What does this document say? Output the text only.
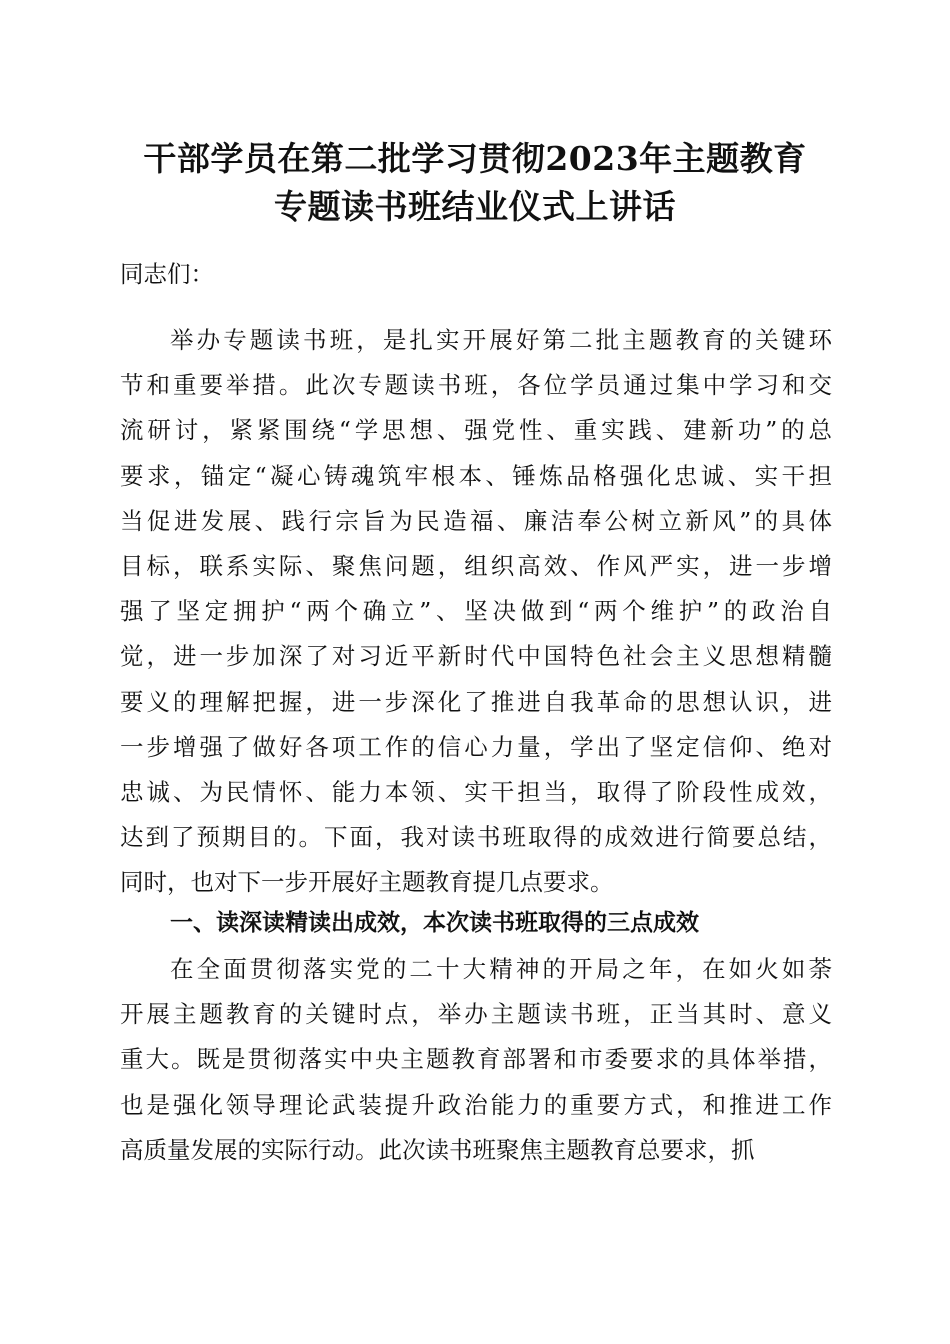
干部学员在第二批学习贯彻2023年主题教育
专题读书班结业仪式上讲话
同志们：
举办专题读书班，是扎实开展好第二批主题教育的关键环
节和重要举措。此次专题读书班，各位学员通过集中学习和交
流研讨，紧紧围绕“学思想、强党性、重实践、建新功”的总
要求，锚定“凝心铸魂筑牢根本、锤炼品格强化忠诚、实干担
当促进发展、践行宗旨为民造福、廉洁奉公树立新风”的具体
目标，联系实际、聚焦问题，组织高效、作风严实，进一步增
强了坚定拥护“两个确立”、坚决做到“两个维护”的政治自
觉，进一步加深了对习近平新时代中国特色社会主义思想精髓
要义的理解把握，进一步深化了推进自我革命的思想认识，进
一步增强了做好各项工作的信心力量，学出了坚定信仰、绝对
忠诚、为民情怀、能力本领、实干担当，取得了阶段性成效，
达到了预期目的。下面，我对读书班取得的成效进行简要总结，
同时，也对下一步开展好主题教育提几点要求。
一、读深读精读出成效，本次读书班取得的三点成效
在全面贯彻落实党的二十大精神的开局之年，在如火如荼
开展主题教育的关键时点，举办主题读书班，正当其时、意义
重大。既是贯彻落实中央主题教育部署和市委要求的具体举措，
也是强化领导理论武装提升政治能力的重要方式，和推进工作
高质量发展的实际行动。此次读书班聚焦主题教育总要求，抓
